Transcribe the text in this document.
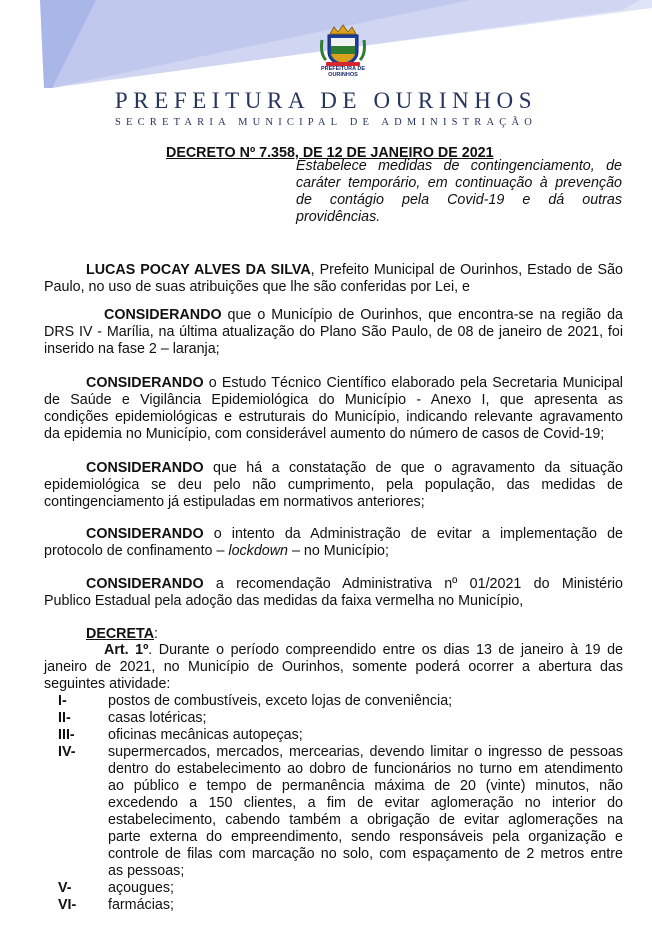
PREFEITURA DE
OURINHOS
PREFEITURA DE OURINHOS
SECRETARIA MUNICIPAL DE ADMINISTRAÇÃO
DECRETO Nº 7.358, DE 12 DE JANEIRO DE 2021
Estabelece medidas de contingenciamento, de
caráter temporário, em continuação à prevenção
de contágio pela Covid-19 e dá outras
providências.
LUCAS POCAY ALVES DA SILVA, Prefeito Municipal de Ourinhos, Estado de São
Paulo, no uso de suas atribuições que lhe são conferidas por Lei, e
CONSIDERANDO que o Município de Ourinhos, que encontra-se na região da
DRS IV - Marília, na última atualização do Plano São Paulo, de 08 de janeiro de 2021, foi
inserido na fase 2 – laranja;
CONSIDERANDO o Estudo Técnico Científico elaborado pela Secretaria Municipal
de Saúde e Vigilância Epidemiológica do Município - Anexo I, que apresenta as
condições epidemiológicas e estruturais do Município, indicando relevante agravamento
da epidemia no Município, com considerável aumento do número de casos de Covid-19;
CONSIDERANDO que há a constatação de que o agravamento da situação
epidemiológica se deu pelo não cumprimento, pela população, das medidas de
contingenciamento já estipuladas em normativos anteriores;
CONSIDERANDO o intento da Administração de evitar a implementação de
protocolo de confinamento – lockdown – no Município;
CONSIDERANDO a recomendação Administrativa nº 01/2021 do Ministério
Publico Estadual pela adoção das medidas da faixa vermelha no Município,
DECRETA:
Art. 1º. Durante o período compreendido entre os dias 13 de janeiro à 19 de
janeiro de 2021, no Município de Ourinhos, somente poderá ocorrer a abertura das
seguintes atividade:
I-	postos de combustíveis, exceto lojas de conveniência;
II-	casas lotéricas;
III- oficinas mecânicas autopeças;
IV- supermercados, mercados, mercearias, devendo limitar o ingresso de pessoas
dentro do estabelecimento ao dobro de funcionários no turno em atendimento
ao público e tempo de permanência máxima de 20 (vinte) minutos, não
excedendo a 150 clientes, a fim de evitar aglomeração no interior do
estabelecimento, cabendo também a obrigação de evitar aglomerações na
parte externa do empreendimento, sendo responsáveis pela organização e
controle de filas com marcação no solo, com espaçamento de 2 metros entre
as pessoas;
V-	açougues;
VI- farmácias;
